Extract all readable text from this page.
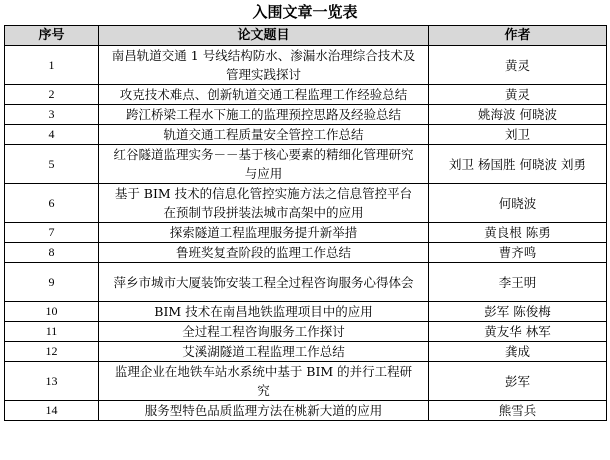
入围文章一览表
序号	论文题目	作者
1	南昌轨道交通 1 号线结构防水、渗漏水治理综合技术及管理实践探讨	黄灵
2	攻克技术难点、创新轨道交通工程监理工作经验总结	黄灵
3	跨江桥梁工程水下施工的监理预控思路及经验总结	姚海波 何晓波
4	轨道交通工程质量安全管控工作总结	刘卫
5	红谷隧道监理实务－－基于核心要素的精细化管理研究与应用	刘卫 杨国胜 何晓波 刘勇
6	基于 BIM 技术的信息化管控实施方法之信息管控平台在预制节段拼装法城市高架中的应用	何晓波
7	探索隧道工程监理服务提升新举措	黄良根 陈勇
8	鲁班奖复查阶段的监理工作总结	曹齐鸣
9	萍乡市城市大厦装饰安装工程全过程咨询服务心得体会	李王明
10	BIM 技术在南昌地铁监理项目中的应用	彭军 陈俊梅
11	全过程工程咨询服务工作探讨	黄友华 林军
12	艾溪湖隧道工程监理工作总结	龚成
13	监理企业在地铁车站水系统中基于 BIM 的并行工程研究	彭军
14	服务型特色品质监理方法在桃新大道的应用	熊雪兵
